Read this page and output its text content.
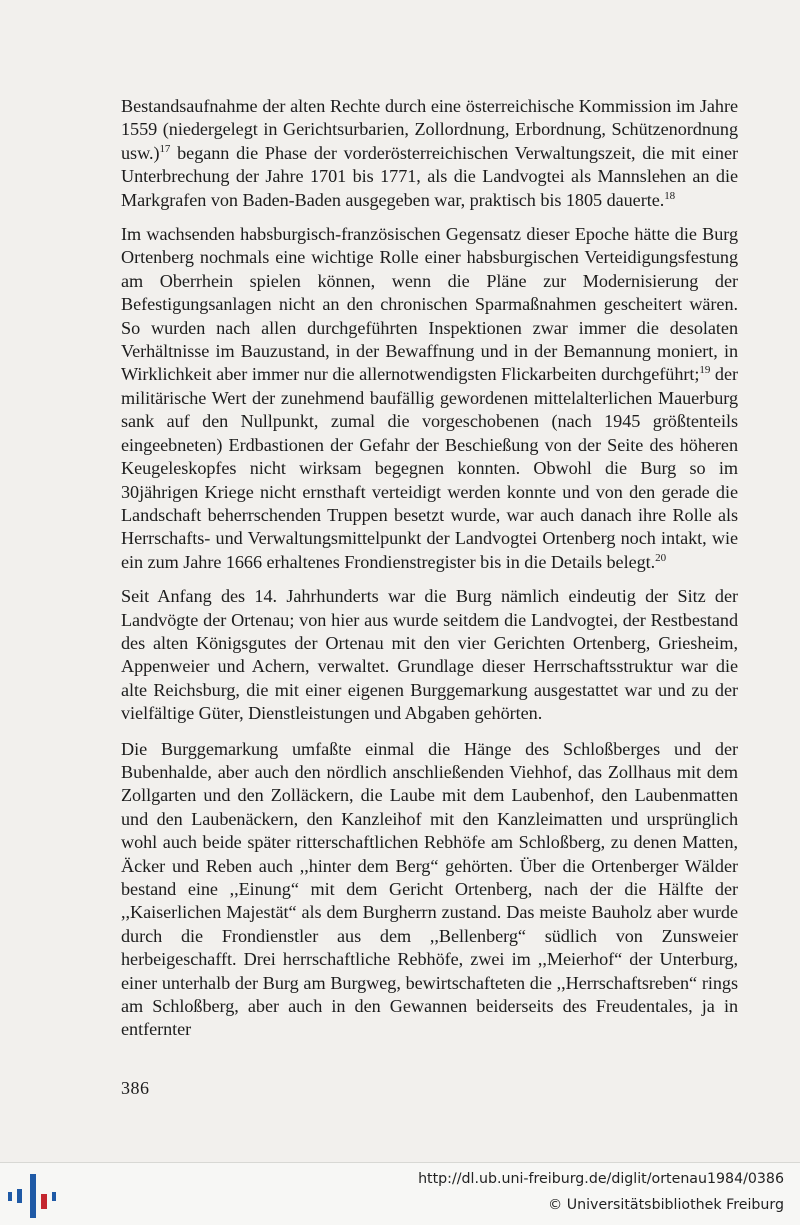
Bestandsaufnahme der alten Rechte durch eine österreichische Kommission im Jahre 1559 (niedergelegt in Gerichtsurbarien, Zollordnung, Erbordnung, Schützenordnung usw.)$^{17}$ begann die Phase der vorderösterreichischen Verwaltungszeit, die mit einer Unterbrechung der Jahre 1701 bis 1771, als die Landvogtei als Mannslehen an die Markgrafen von Baden-Baden ausgegeben war, praktisch bis 1805 dauerte.$^{18}$

Im wachsenden habsburgisch-französischen Gegensatz dieser Epoche hätte die Burg Ortenberg nochmals eine wichtige Rolle einer habsburgischen Verteidigungsfestung am Oberrhein spielen können, wenn die Pläne zur Modernisierung der Befestigungsanlagen nicht an den chronischen Sparmaßnahmen gescheitert wären. So wurden nach allen durchgeführten Inspektionen zwar immer die desolaten Verhältnisse im Bauzustand, in der Bewaffnung und in der Bemannung moniert, in Wirklichkeit aber immer nur die allernotwendigsten Flickarbeiten durchgeführt;$^{19}$ der militärische Wert der zunehmend baufällig gewordenen mittelalterlichen Mauerburg sank auf den Nullpunkt, zumal die vorgeschobenen (nach 1945 größtenteils eingeebneten) Erdbastionen der Gefahr der Beschießung von der Seite des höheren Keugeleskopfes nicht wirksam begegnen konnten. Obwohl die Burg so im 30jährigen Kriege nicht ernsthaft verteidigt werden konnte und von den gerade die Landschaft beherrschenden Truppen besetzt wurde, war auch danach ihre Rolle als Herrschafts- und Verwaltungsmittelpunkt der Landvogtei Ortenberg noch intakt, wie ein zum Jahre 1666 erhaltenes Frondienstregister bis in die Details belegt.$^{20}$

Seit Anfang des 14. Jahrhunderts war die Burg nämlich eindeutig der Sitz der Landvögte der Ortenau; von hier aus wurde seitdem die Landvogtei, der Restbestand des alten Königsgutes der Ortenau mit den vier Gerichten Ortenberg, Griesheim, Appenweier und Achern, verwaltet. Grundlage dieser Herrschaftsstruktur war die alte Reichsburg, die mit einer eigenen Burggemarkung ausgestattet war und zu der vielfältige Güter, Dienstleistungen und Abgaben gehörten.

Die Burggemarkung umfaßte einmal die Hänge des Schloßberges und der Bubenhalde, aber auch den nördlich anschließenden Viehhof, das Zollhaus mit dem Zollgarten und den Zolläckern, die Laube mit dem Laubenhof, den Laubenmatten und den Laubenäckern, den Kanzleihof mit den Kanzleimatten und ursprünglich wohl auch beide später ritterschaftlichen Rebhöfe am Schloßberg, zu denen Matten, Äcker und Reben auch ,,hinter dem Berg“ gehörten. Über die Ortenberger Wälder bestand eine ,,Einung“ mit dem Gericht Ortenberg, nach der die Hälfte der ,,Kaiserlichen Majestät“ als dem Burgherrn zustand. Das meiste Bauholz aber wurde durch die Frondienstler aus dem ,,Bellenberg“ südlich von Zunsweier herbeigeschafft. Drei herrschaftliche Rebhöfe, zwei im ,,Meierhof“ der Unterburg, einer unterhalb der Burg am Burgweg, bewirtschafteten die ,,Herrschaftsreben“ rings am Schloßberg, aber auch in den Gewannen beiderseits des Freudentales, ja in entfernter

386
http://dl.ub.uni-freiburg.de/diglit/ortenau1984/0386
© Universitätsbibliothek Freiburg
